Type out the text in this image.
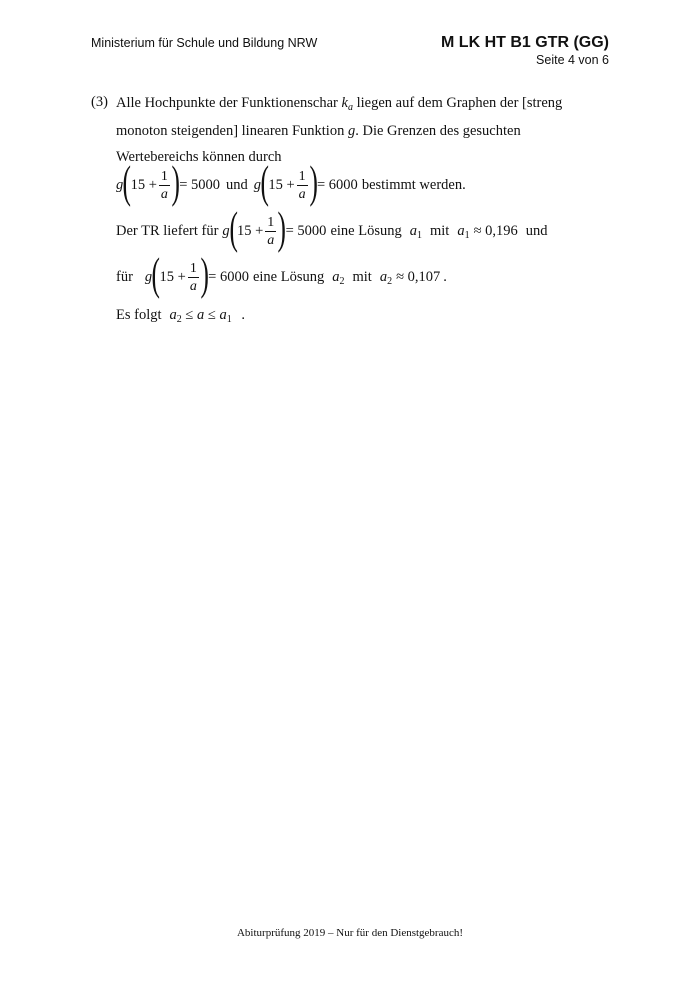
Ministerium für Schule und Bildung NRW	M LK HT B1 GTR (GG)
Seite 4 von 6
(3) Alle Hochpunkte der Funktionenschar $k_a$ liegen auf dem Graphen der [streng monoton steigenden] linearen Funktion g. Die Grenzen des gesuchten Wertebereichs können durch
g ( $15 + \frac{1}{a}$ ) = 5000 und g ( $15 + \frac{1}{a}$ ) = 6000 bestimmt werden.
Der TR liefert für g ( $15 + \frac{1}{a}$ ) = 5000 eine Lösung $a_1$ mit $a_1 \approx 0,196$ und
für g ( $15 + \frac{1}{a}$ ) = 6000 eine Lösung $a_2$ mit $a_2 \approx 0,107$ .
Es folgt $a_2 \le a \le a_1$ .
Abiturprüfung 2019 – Nur für den Dienstgebrauch!
